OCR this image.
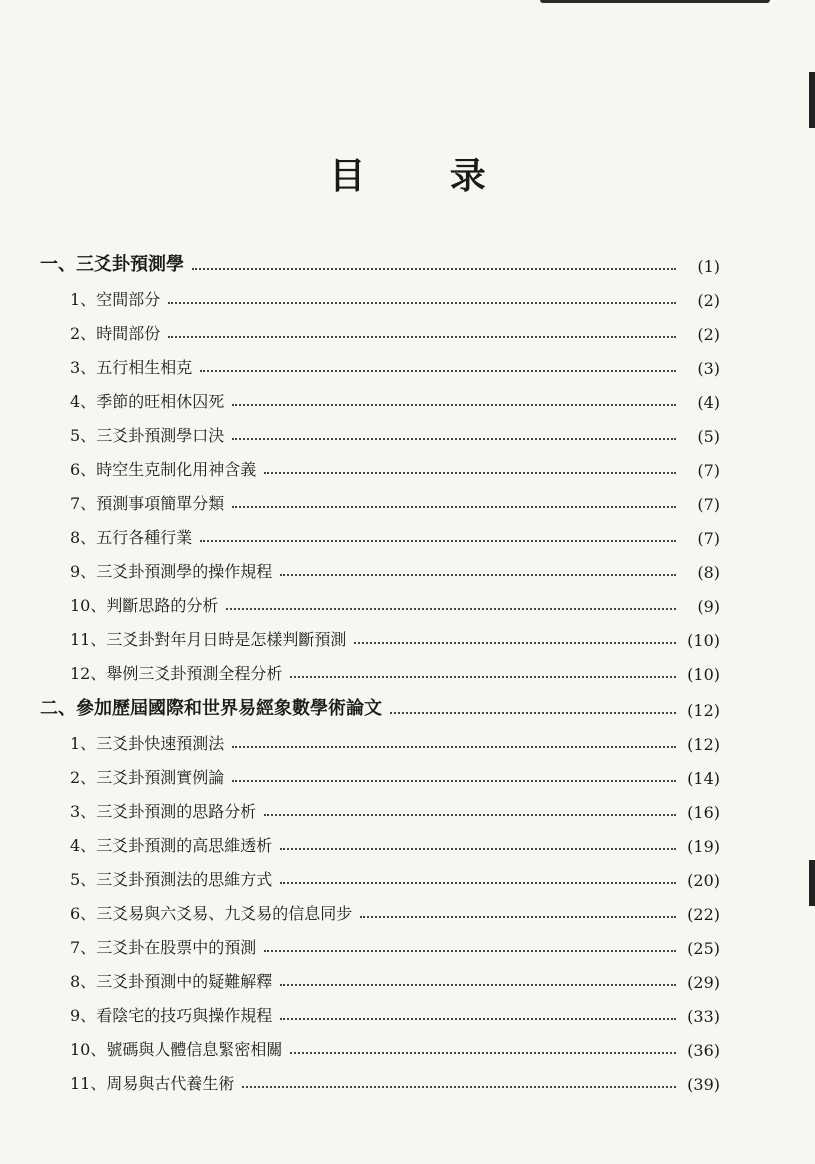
目 录
一、三爻卦預測學	(1)
1、 空間部分	(2)
2、 時間部份	(2)
3、 五行相生相克	(3)
4、 季節的旺相休囚死	(4)
5、 三爻卦預測學口決	(5)
6、 時空生克制化用神含義	(7)
7、 預測事項簡單分類	(7)
8、 五行各種行業	(7)
9、 三爻卦預測學的操作規程	(8)
10、 判斷思路的分析	(9)
11、 三爻卦對年月日時是怎樣判斷預測	(10)
12、 舉例三爻卦預測全程分析	(10)
二、參加歷屆國際和世界易經象數學術論文	(12)
1、 三爻卦快速預測法	(12)
2、 三爻卦預測實例論	(14)
3、 三爻卦預測的思路分析	(16)
4、 三爻卦預測的高思維透析	(19)
5、 三爻卦預測法的思維方式	(20)
6、 三爻易與六爻易、九爻易的信息同步	(22)
7、 三爻卦在股票中的預測	(25)
8、 三爻卦預測中的疑難解釋	(29)
9、 看陰宅的技巧與操作規程	(33)
10、 號碼與人體信息緊密相關	(36)
11、 周易與古代養生術	(39)
